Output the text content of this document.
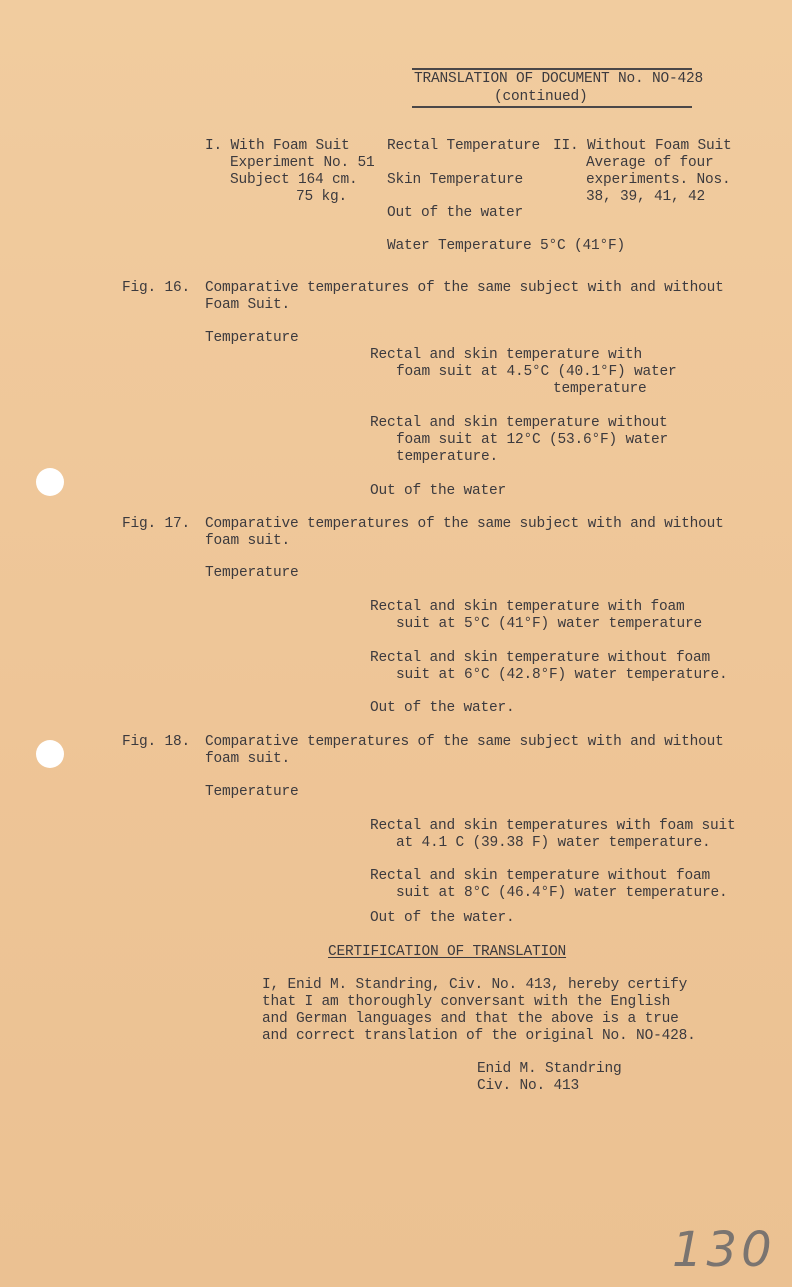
TRANSLATION OF DOCUMENT No. NO-428
(continued)
I. With Foam Suit
Experiment No. 51
Subject 164 cm.
75 kg.
Rectal Temperature
Skin Temperature
Out of the water
Water Temperature 5°C (41°F)
II. Without Foam Suit
Average of four
experiments. Nos.
38, 39, 41, 42
Fig. 16. Comparative temperatures of the same subject with and without
Foam Suit.
Temperature
Rectal and skin temperature with
foam suit at 4.5°C (40.1°F) water
temperature
Rectal and skin temperature without
foam suit at 12°C (53.6°F) water
temperature.
Out of the water
Fig. 17. Comparative temperatures of the same subject with and without
foam suit.
Temperature
Rectal and skin temperature with foam
suit at 5°C (41°F) water temperature
Rectal and skin temperature without foam
suit at 6°C (42.8°F) water temperature.
Out of the water.
Fig. 18. Comparative temperatures of the same subject with and without
foam suit.
Temperature
Rectal and skin temperatures with foam suit
at 4.1 C (39.38 F) water temperature.
Rectal and skin temperature without foam
suit at 8°C (46.4°F) water temperature.
Out of the water.
CERTIFICATION OF TRANSLATION
I, Enid M. Standring, Civ. No. 413, hereby certify
that I am thoroughly conversant with the English
and German languages and that the above is a true
and correct translation of the original No. NO-428.
Enid M. Standring
Civ. No. 413
130
